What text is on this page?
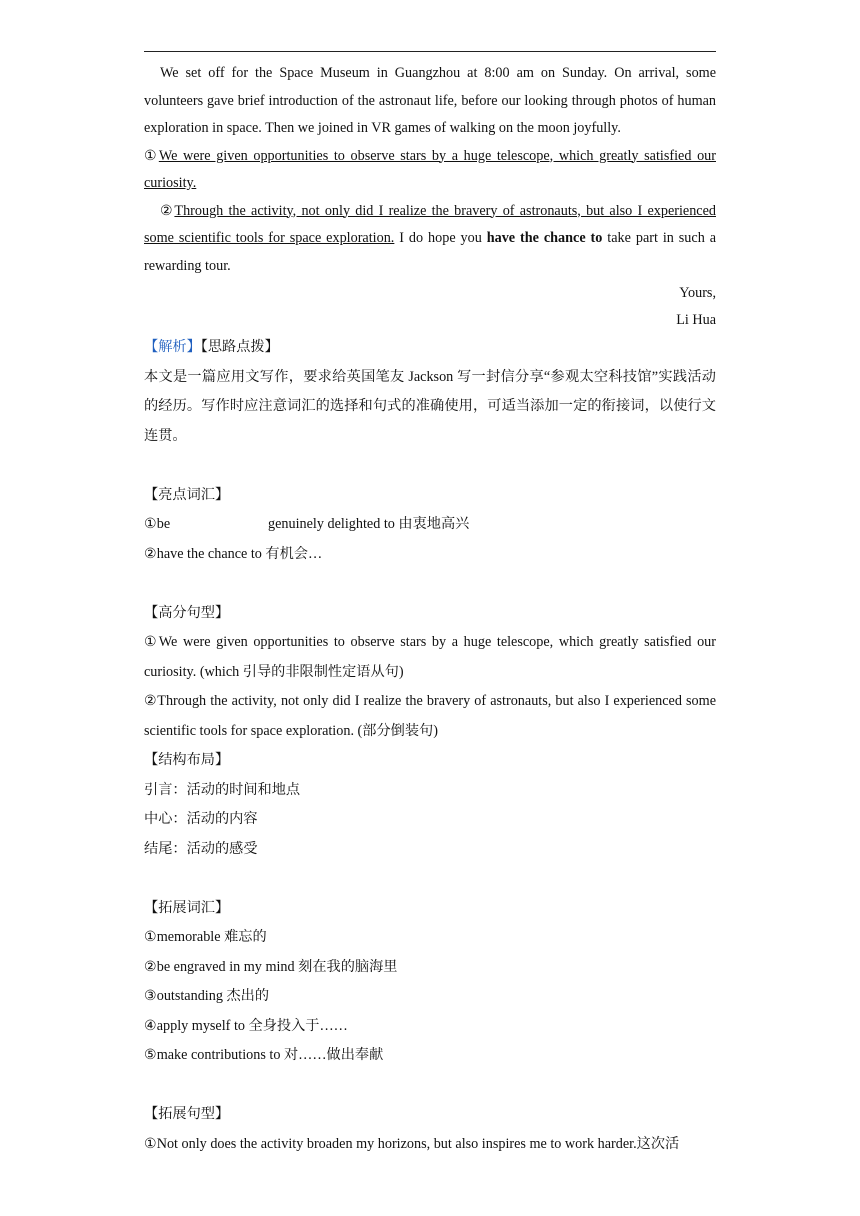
We set off for the Space Museum in Guangzhou at 8:00 am on Sunday. On arrival, some volunteers gave brief introduction of the astronaut life, before our looking through photos of human exploration in space. Then we joined in VR games of walking on the moon joyfully.

①We were given opportunities to observe stars by a huge telescope, which greatly satisfied our curiosity.

②Through the activity, not only did I realize the bravery of astronauts, but also I experienced some scientific tools for space exploration. I do hope you have the chance to take part in such a rewarding tour.

Yours,
Li Hua

【解析】【思路点拨】

本文是一篇应用文写作，要求给英国笔友 Jackson 写一封信分享“参观太空科技馆”实践活动的经历。写作时应注意词汇的选择和句式的准确使用，可适当添加一定的衔接词，以使行文连贯。

【亮点词汇】

①be	genuinely delighted to 由衷地高兴

②have the chance to 有机会…

【高分句型】

①We were given opportunities to observe stars by a huge telescope, which greatly satisfied our curiosity. (which 引导的非限制性定语从句)

②Through the activity, not only did I realize the bravery of astronauts, but also I experienced some scientific tools for space exploration. (部分倒装句)

【结构布局】

引言：活动的时间和地点

中心：活动的内容

结尾：活动的感受

【拓展词汇】

①memorable 难忘的

②be engraved in my mind 刻在我的脑海里

③outstanding 杰出的

④apply myself to 全身投入于……

⑤make contributions to 对……做出奉献

【拓展句型】

①Not only does the activity broaden my horizons, but also inspires me to work harder.这次活
